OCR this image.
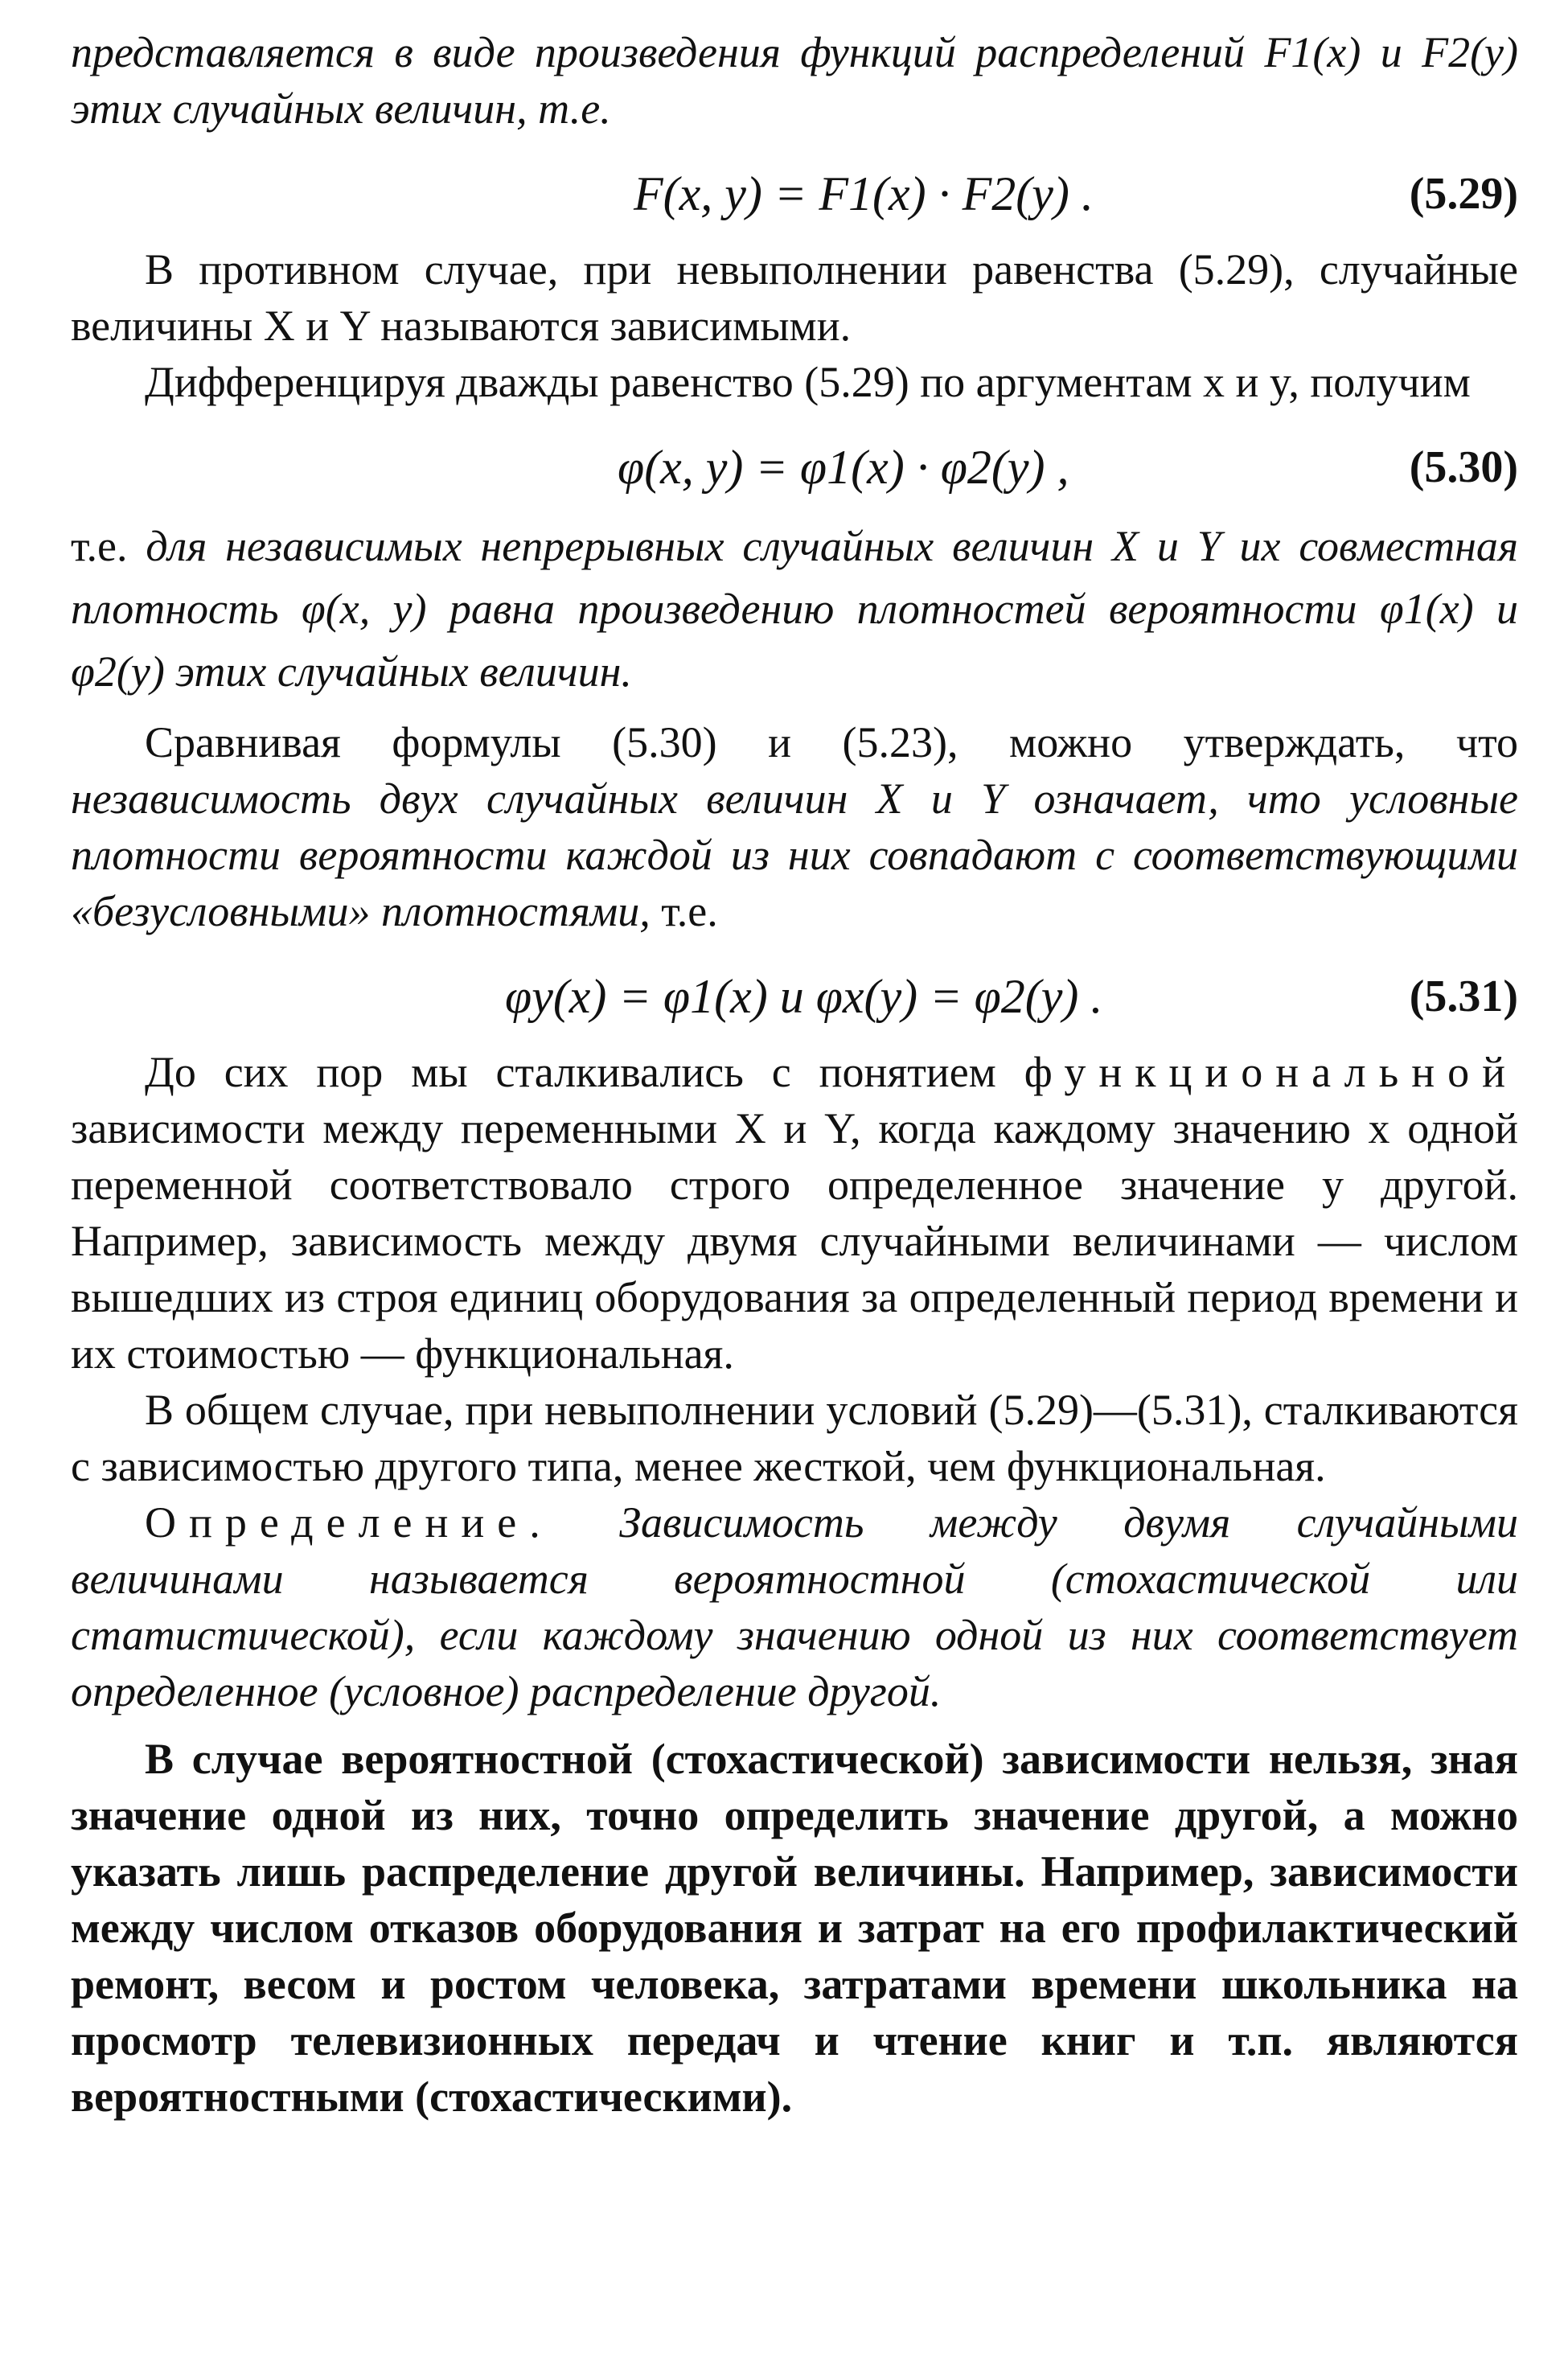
представляется в виде произведения функций распределений F1(x) и F2(y) этих случайных величин, т.е.

F(x, y) = F1(x) · F2(y) .	(5.29)

В противном случае, при невыполнении равенства (5.29), случайные величины X и Y называются зависимыми.

Дифференцируя дважды равенство (5.29) по аргументам x и y, получим

φ(x, y) = φ1(x) · φ2(y) ,	(5.30)

т.е. для независимых непрерывных случайных величин X и Y их совместная плотность φ(x, y) равна произведению плотностей вероятности φ1(x) и φ2(y) этих случайных величин.

Сравнивая формулы (5.30) и (5.23), можно утверждать, что независимость двух случайных величин X и Y означает, что условные плотности вероятности каждой из них совпадают с соответствующими «безусловными» плотностями, т.е.

φy(x) = φ1(x) и φx(y) = φ2(y) .	(5.31)

До сих пор мы сталкивались с понятием функциональной зависимости между переменными X и Y, когда каждому значению x одной переменной соответствовало строго определенное значение y другой. Например, зависимость между двумя случайными величинами — числом вышедших из строя единиц оборудования за определенный период времени и их стоимостью — функциональная.

В общем случае, при невыполнении условий (5.29)—(5.31), сталкиваются с зависимостью другого типа, менее жесткой, чем функциональная.

Определение. Зависимость между двумя случайными величинами называется вероятностной (стохастической или статистической), если каждому значению одной из них соответствует определенное (условное) распределение другой.

В случае вероятностной (стохастической) зависимости нельзя, зная значение одной из них, точно определить значение другой, а можно указать лишь распределение другой величины. Например, зависимости между числом отказов оборудования и затрат на его профилактический ремонт, весом и ростом человека, затратами времени школьника на просмотр телевизионных передач и чтение книг и т.п. являются вероятностными (стохастическими).
